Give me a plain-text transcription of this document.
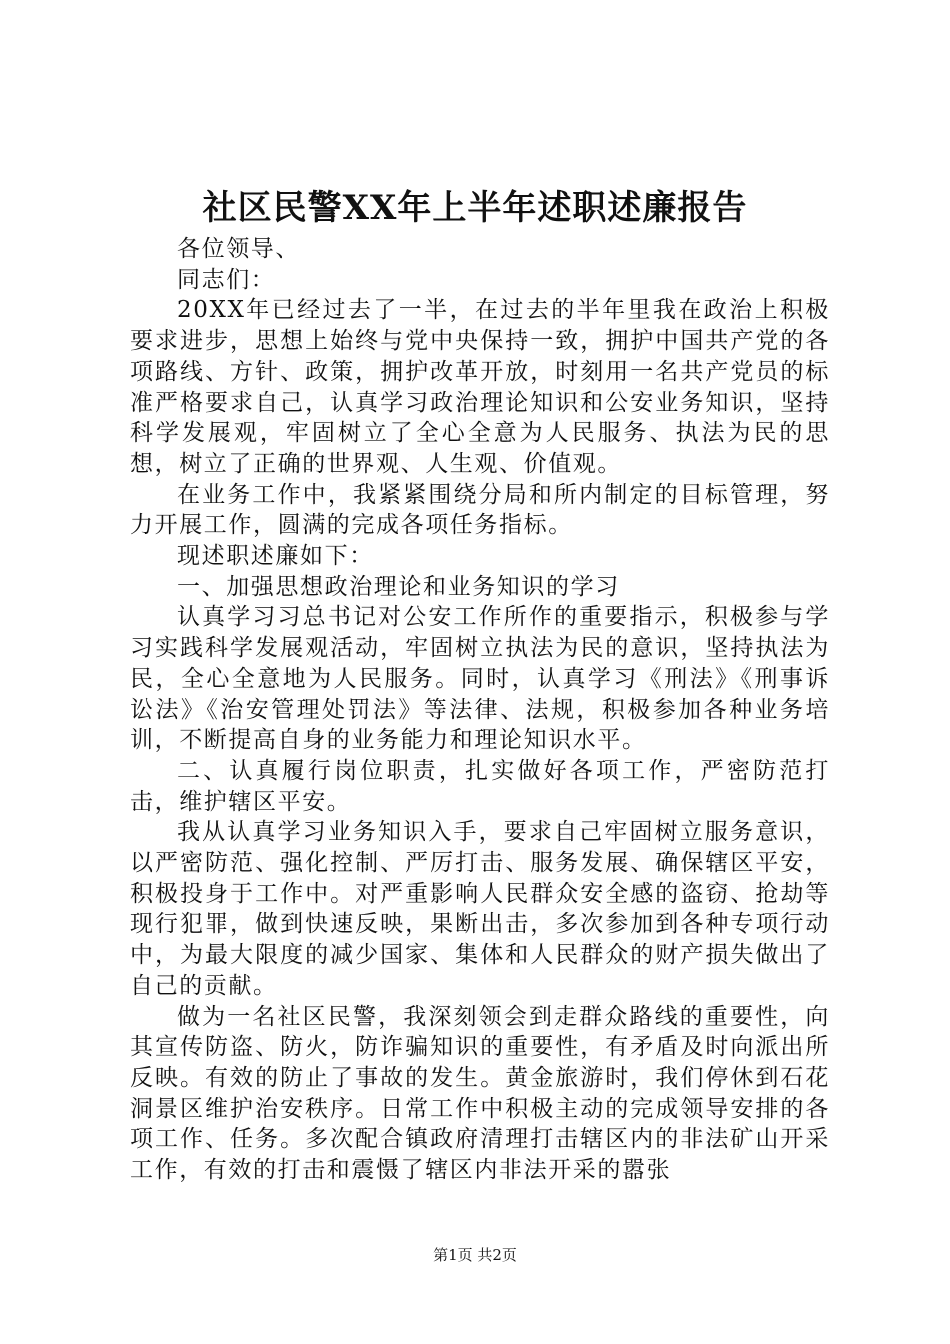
社区民警XX年上半年述职述廉报告

各位领导、

同志们：

20XX年已经过去了一半，在过去的半年里我在政治上积极要求进步，思想上始终与党中央保持一致，拥护中国共产党的各项路线、方针、政策，拥护改革开放，时刻用一名共产党员的标准严格要求自己，认真学习政治理论知识和公安业务知识，坚持科学发展观，牢固树立了全心全意为人民服务、执法为民的思想，树立了正确的世界观、人生观、价值观。

在业务工作中，我紧紧围绕分局和所内制定的目标管理，努力开展工作，圆满的完成各项任务指标。

现述职述廉如下：

一、加强思想政治理论和业务知识的学习

认真学习习总书记对公安工作所作的重要指示，积极参与学习实践科学发展观活动，牢固树立执法为民的意识，坚持执法为民，全心全意地为人民服务。同时，认真学习《刑法》《刑事诉讼法》《治安管理处罚法》等法律、法规，积极参加各种业务培训，不断提高自身的业务能力和理论知识水平。

二、认真履行岗位职责，扎实做好各项工作，严密防范打击，维护辖区平安。

我从认真学习业务知识入手，要求自己牢固树立服务意识，以严密防范、强化控制、严厉打击、服务发展、确保辖区平安，积极投身于工作中。对严重影响人民群众安全感的盗窃、抢劫等现行犯罪，做到快速反映，果断出击，多次参加到各种专项行动中，为最大限度的减少国家、集体和人民群众的财产损失做出了自己的贡献。

做为一名社区民警，我深刻领会到走群众路线的重要性，向其宣传防盗、防火，防诈骗知识的重要性，有矛盾及时向派出所反映。有效的防止了事故的发生。黄金旅游时，我们停休到石花洞景区维护治安秩序。日常工作中积极主动的完成领导安排的各项工作、任务。多次配合镇政府清理打击辖区内的非法矿山开采工作，有效的打击和震慑了辖区内非法开采的嚣张

第1页 共2页
